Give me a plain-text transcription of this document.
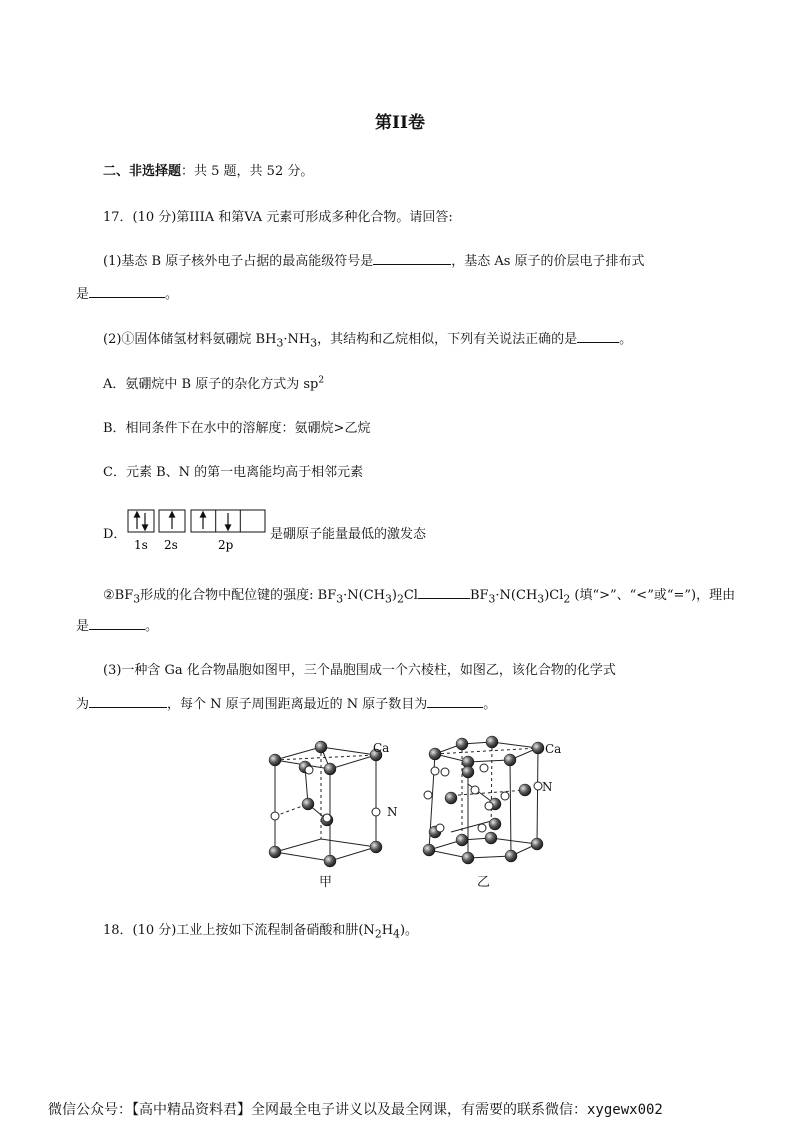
第II卷
二、非选择题：共 5 题，共 52 分。
17．(10 分)第IIIA 和第VA 元素可形成多种化合物。请回答:
(1)基态 B 原子核外电子占据的最高能级符号是	，基态 As 原子的价层电子排布式
是	。
(2)①固体储氢材料氨硼烷 $BH_3\cdot NH_3$，其结构和乙烷相似，下列有关说法正确的是	。
A．氨硼烷中 B 原子的杂化方式为 $sp^2$
B．相同条件下在水中的溶解度：氨硼烷>乙烷
C．元素 B、N 的第一电离能均高于相邻元素
D．
1s 2s	2p
是硼原子能量最低的激发态
$②BF_3$形成的化合物中配位键的强度: $BF_3\cdot N(CH_3)_2Cl$	$BF_3\cdot N(CH_3)Cl_2$ (填“>”、“<”或“=”)，理由
是	。
(3)一种含 Ga 化合物晶胞如图甲，三个晶胞围成一个六棱柱，如图乙，该化合物的化学式
为	，每个 N 原子周围距离最近的 N 原子数目为	。
Ca
N
甲
Ca
N
乙
18．(10 分)工业上按如下流程制备硝酸和肼$(N_2H_4)$。
微信公众号：【高中精品资料君】全网最全电子讲义以及最全网课，有需要的联系微信：xygewx002
